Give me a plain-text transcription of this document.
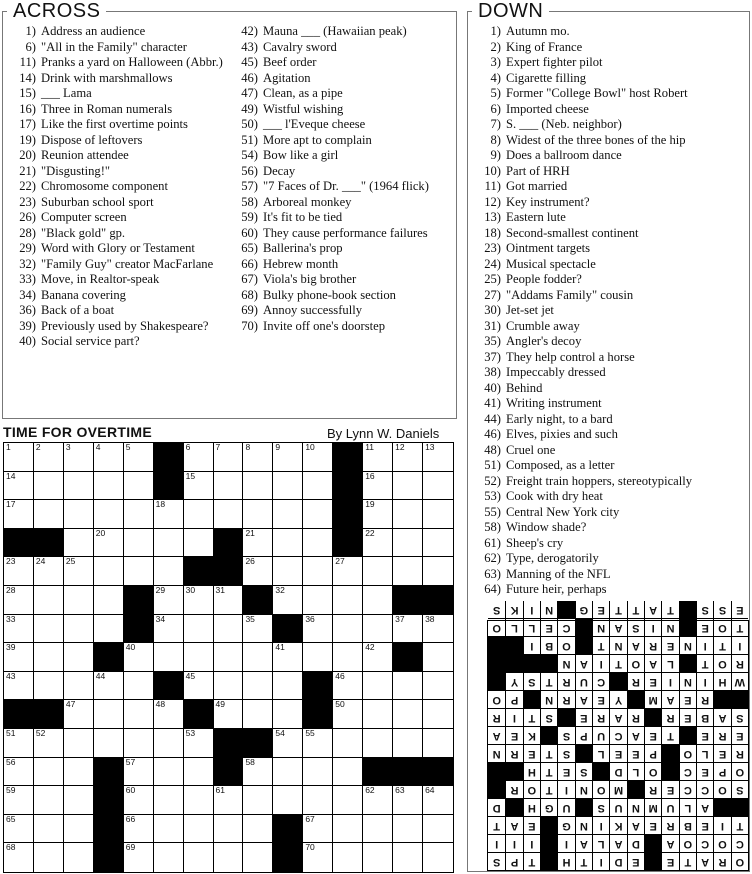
ACROSS
1) Address an audience
6) "All in the Family" character
11) Pranks a yard on Halloween (Abbr.)
14) Drink with marshmallows
15) ___ Lama
16) Three in Roman numerals
17) Like the first overtime points
19) Dispose of leftovers
20) Reunion attendee
21) "Disgusting!"
22) Chromosome component
23) Suburban school sport
26) Computer screen
28) "Black gold" gp.
29) Word with Glory or Testament
32) "Family Guy" creator MacFarlane
33) Move, in Realtor-speak
34) Banana covering
36) Back of a boat
39) Previously used by Shakespeare?
40) Social service part?
42) Mauna ___ (Hawaiian peak)
43) Cavalry sword
45) Beef order
46) Agitation
47) Clean, as a pipe
49) Wistful wishing
50) ___ l'Eveque cheese
51) More apt to complain
54) Bow like a girl
56) Decay
57) "7 Faces of Dr. ___" (1964 flick)
58) Arboreal monkey
59) It's fit to be tied
60) They cause performance failures
65) Ballerina's prop
66) Hebrew month
67) Viola's big brother
68) Bulky phone-book section
69) Annoy successfully
70) Invite off one's doorstep
DOWN
1) Autumn mo.
2) King of France
3) Expert fighter pilot
4) Cigarette filling
5) Former "College Bowl" host Robert
6) Imported cheese
7) S. ___ (Neb. neighbor)
8) Widest of the three bones of the hip
9) Does a ballroom dance
10) Part of HRH
11) Got married
12) Key instrument?
13) Eastern lute
18) Second-smallest continent
23) Ointment targets
24) Musical spectacle
25) People fodder?
27) "Addams Family" cousin
30) Jet-set jet
31) Crumble away
35) Angler's decoy
37) They help control a horse
38) Impeccably dressed
40) Behind
41) Writing instrument
44) Early night, to a bard
46) Elves, pixies and such
48) Cruel one
51) Composed, as a letter
52) Freight train hoppers, stereotypically
53) Cook with dry heat
55) Central New York city
58) Window shade?
61) Sheep's cry
62) Type, derogatorily
63) Manning of the NFL
64) Future heir, perhaps
TIME FOR OVERTIME	By Lynn W. Daniels
1	2	3	4	5	6	7	8	9	10	11 12 13
14	15	16
17	18	19
20	21	22
23 24 25	26	27
28	29 30 31	32
33	34	35	36	37 38
39	40	41	42
43	44	45	46
47	48	49	50
51 52	53	54 55
56	57	58
59	60	61	62 63 64
65	66	67
68	69	70
O
R
A
T
E
E
D
I
T
H
T
P
S
C
O
C
O
A
D
A
L
A
I
I
I
I
T
I
E
B
R
E
A
K
I
N
G
E
A
T
A
L
U
M
N
U
S
U
G
H
D
S
O
C
C
E
R
M
O
N
I
T
O
R
O
P
E
C
O
L
D
S
E
T
H
R
E
L
O
P
E
E
L
S
T
E
R
N
E
R
E
T
E
A
C
U
P
S
K
E
A
S
A
B
E
R
R
A
R
E
S
T
I
R
R
E
A
M
Y
E
A
R
N
P
O
W
H
I
N
I
E
R
C
U
R
T
S
Y
R
O
T
L
A
O
T
I
A
N
I
T
I
N
E
R
A
N
T
O
B
I
T
O
E
N
I
S
A
N
C
E
L
L
O
E
S
S
T
A
T
T
E
G
N
I
K
S
